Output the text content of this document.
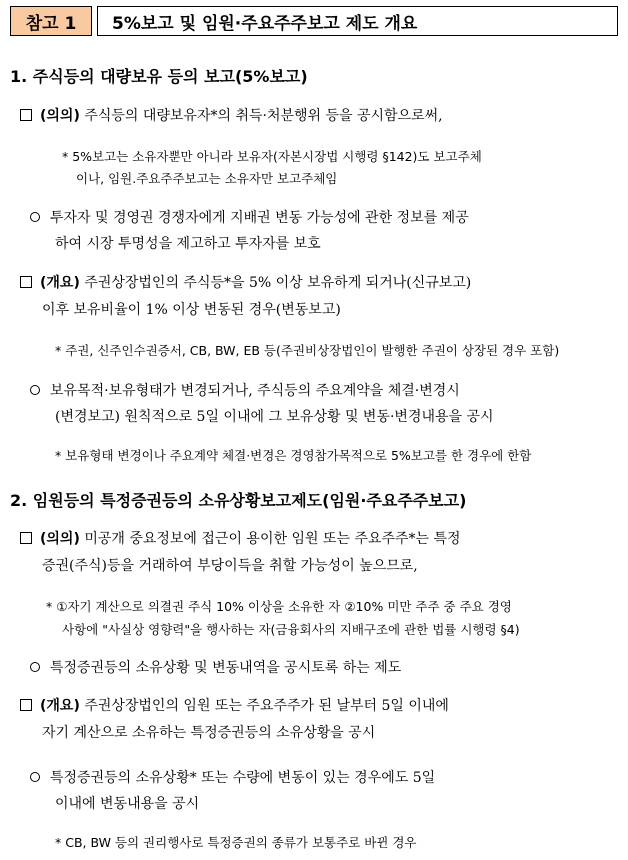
참고 1	5%보고 및 임원·주요주주보고 제도 개요
1. 주식등의 대량보유 등의 보고(5%보고)
(의의) 주식등의 대량보유자*의 취득·처분행위 등을 공시함으로써,
* 5%보고는 소유자뿐만 아니라 보유자(자본시장법 시행령 §142)도 보고주체
이나, 임원.주요주주보고는 소유자만 보고주체임
투자자 및 경영권 경쟁자에게 지배권 변동 가능성에 관한 정보를 제공
하여 시장 투명성을 제고하고 투자자를 보호
(개요) 주권상장법인의 주식등*을 5% 이상 보유하게 되거나(신규보고)
이후 보유비율이 1% 이상 변동된 경우(변동보고)
* 주권, 신주인수권증서, CB, BW, EB 등(주권비상장법인이 발행한 주권이 상장된 경우 포함)
보유목적·보유형태가 변경되거나, 주식등의 주요계약을 체결·변경시
(변경보고) 원칙적으로 5일 이내에 그 보유상황 및 변동·변경내용을 공시
* 보유형태 변경이나 주요계약 체결·변경은 경영참가목적으로 5%보고를 한 경우에 한함
2. 임원등의 특정증권등의 소유상황보고제도(임원·주요주주보고)
(의의) 미공개 중요정보에 접근이 용이한 임원 또는 주요주주*는 특정
증권(주식)등을 거래하여 부당이득을 취할 가능성이 높으므로,
* ①자기 계산으로 의결권 주식 10% 이상을 소유한 자 ②10% 미만 주주 중 주요 경영
사항에 "사실상 영향력"을 행사하는 자(금융회사의 지배구조에 관한 법률 시행령 §4)
특정증권등의 소유상황 및 변동내역을 공시토록 하는 제도
(개요) 주권상장법인의 임원 또는 주요주주가 된 날부터 5일 이내에
자기 계산으로 소유하는 특정증권등의 소유상황을 공시
특정증권등의 소유상황* 또는 수량에 변동이 있는 경우에도 5일
이내에 변동내용을 공시
* CB, BW 등의 권리행사로 특정증권의 종류가 보통주로 바뀐 경우
